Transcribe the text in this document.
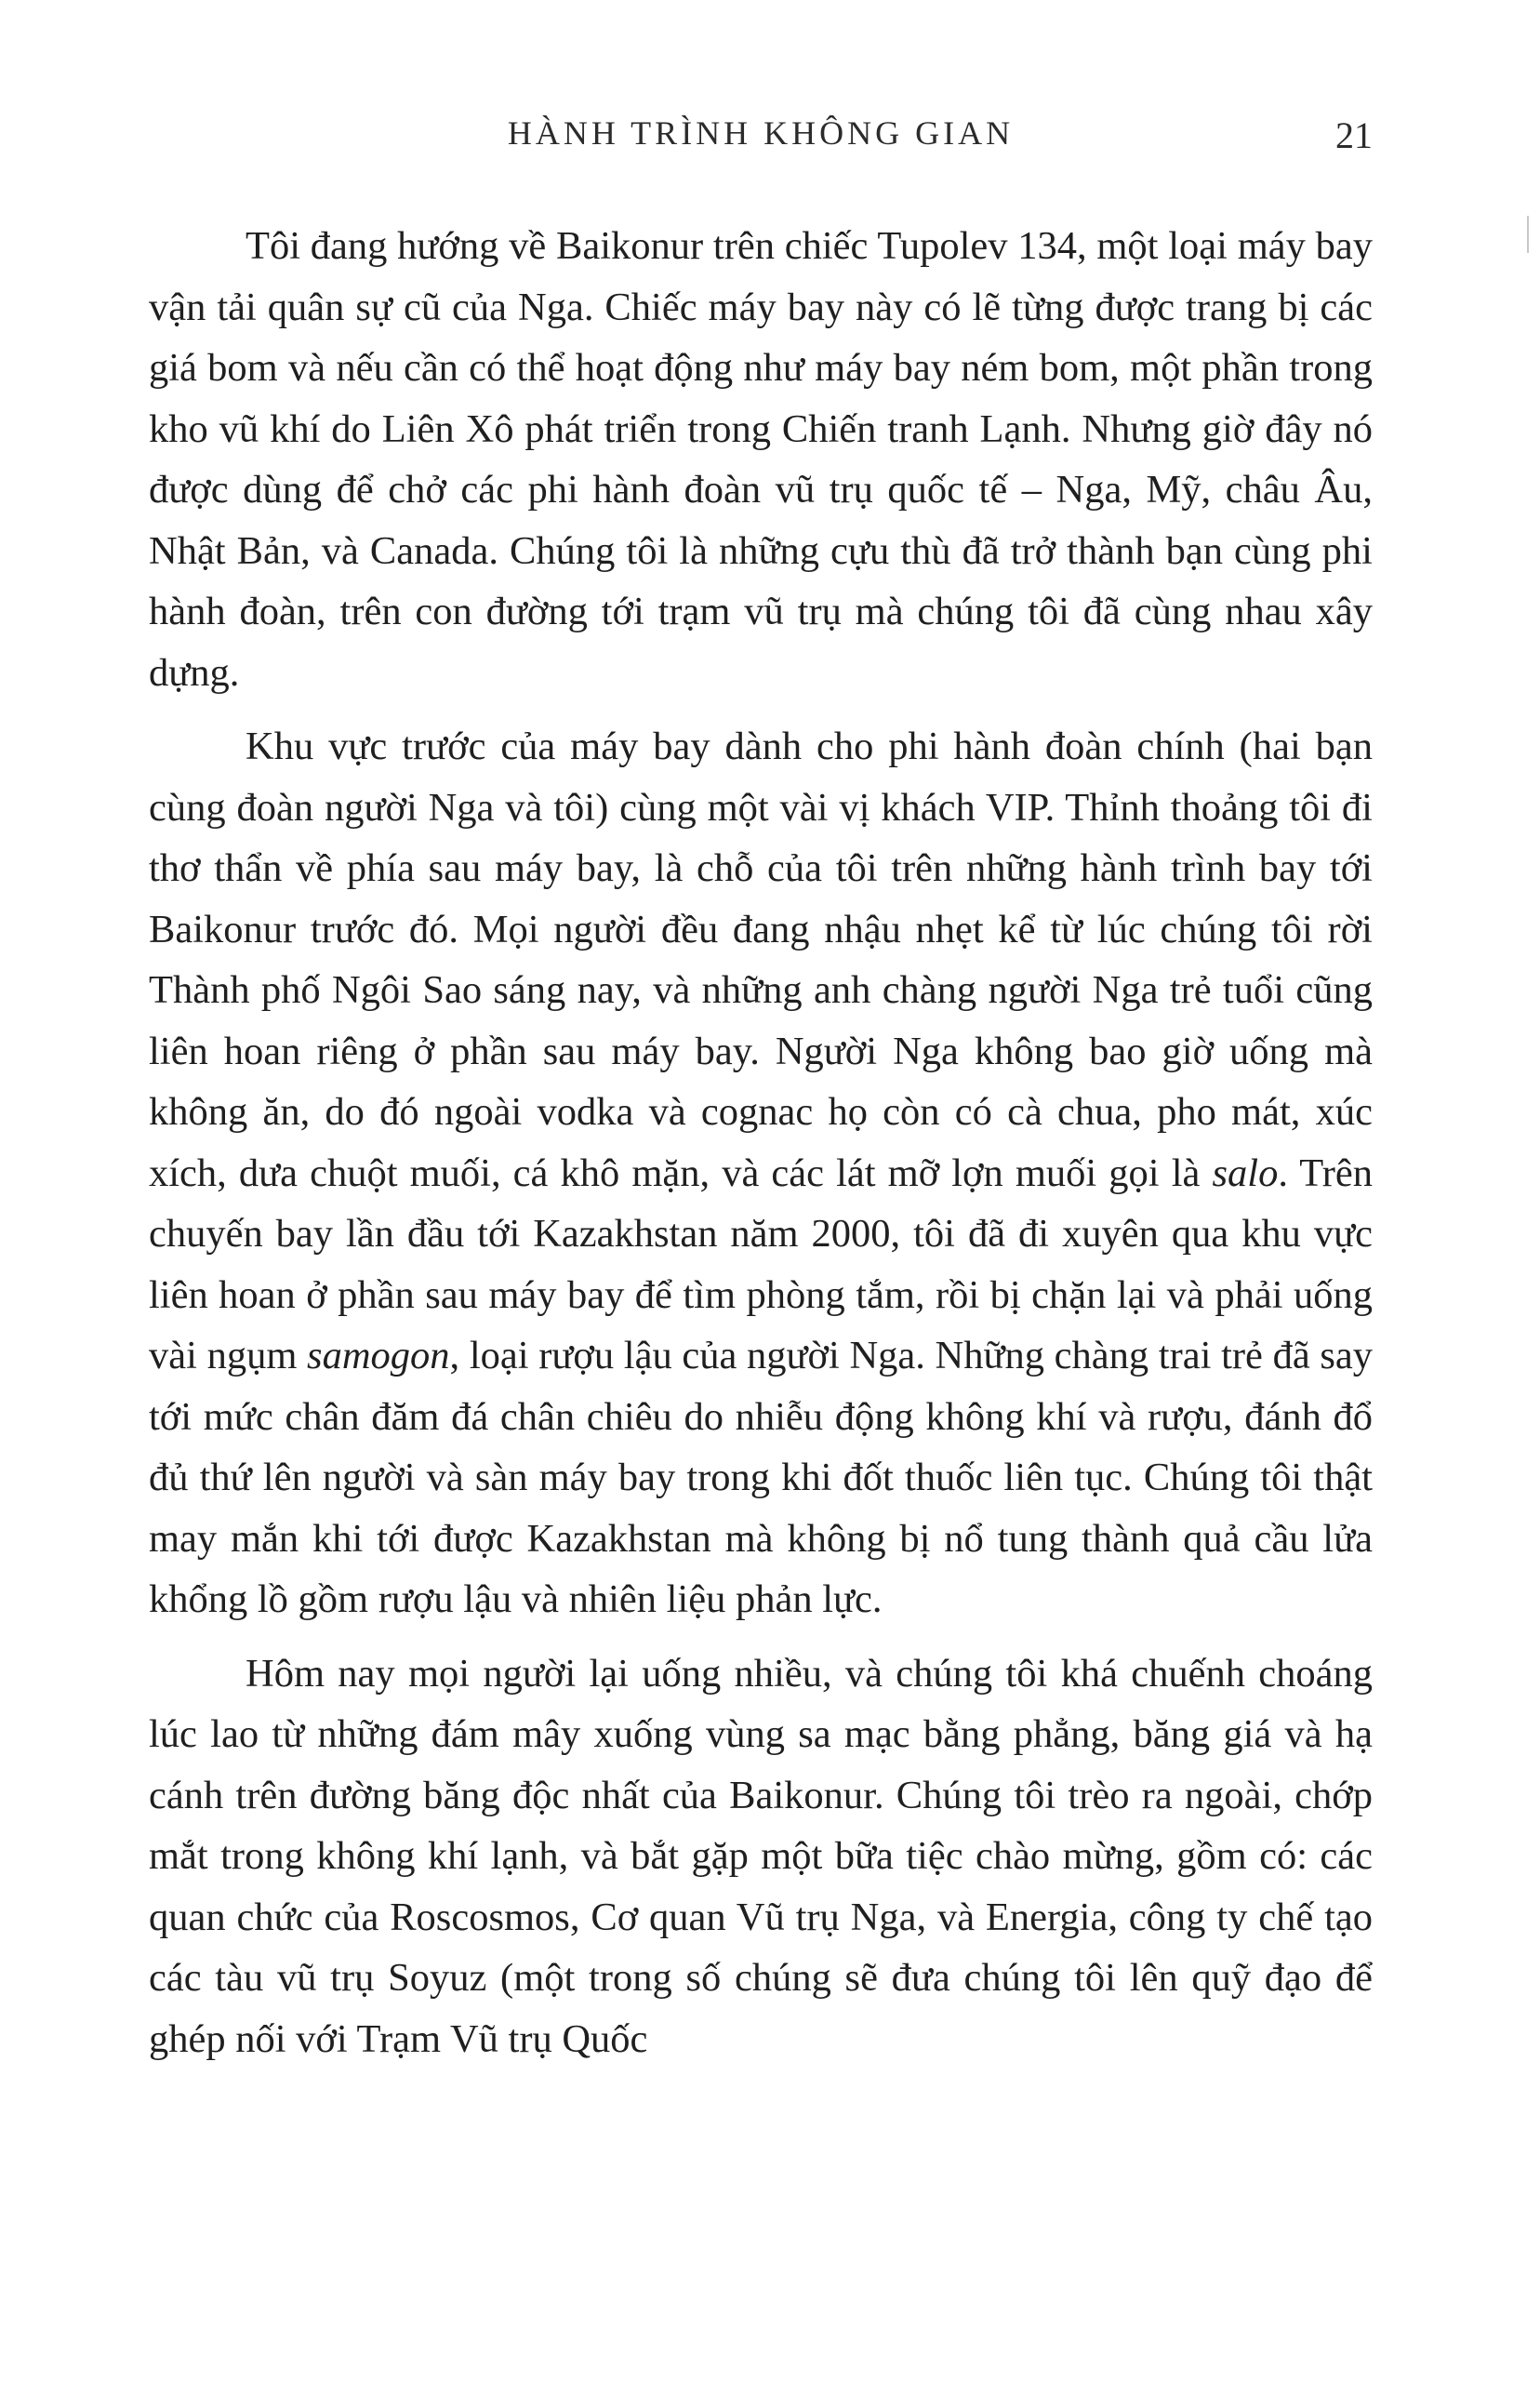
HÀNH TRÌNH KHÔNG GIAN	21

Tôi đang hướng về Baikonur trên chiếc Tupolev 134, một loại máy bay vận tải quân sự cũ của Nga. Chiếc máy bay này có lẽ từng được trang bị các giá bom và nếu cần có thể hoạt động như máy bay ném bom, một phần trong kho vũ khí do Liên Xô phát triển trong Chiến tranh Lạnh. Nhưng giờ đây nó được dùng để chở các phi hành đoàn vũ trụ quốc tế – Nga, Mỹ, châu Âu, Nhật Bản, và Canada. Chúng tôi là những cựu thù đã trở thành bạn cùng phi hành đoàn, trên con đường tới trạm vũ trụ mà chúng tôi đã cùng nhau xây dựng.

Khu vực trước của máy bay dành cho phi hành đoàn chính (hai bạn cùng đoàn người Nga và tôi) cùng một vài vị khách VIP. Thỉnh thoảng tôi đi thơ thẩn về phía sau máy bay, là chỗ của tôi trên những hành trình bay tới Baikonur trước đó. Mọi người đều đang nhậu nhẹt kể từ lúc chúng tôi rời Thành phố Ngôi Sao sáng nay, và những anh chàng người Nga trẻ tuổi cũng liên hoan riêng ở phần sau máy bay. Người Nga không bao giờ uống mà không ăn, do đó ngoài vodka và cognac họ còn có cà chua, pho mát, xúc xích, dưa chuột muối, cá khô mặn, và các lát mỡ lợn muối gọi là salo. Trên chuyến bay lần đầu tới Kazakhstan năm 2000, tôi đã đi xuyên qua khu vực liên hoan ở phần sau máy bay để tìm phòng tắm, rồi bị chặn lại và phải uống vài ngụm samogon, loại rượu lậu của người Nga. Những chàng trai trẻ đã say tới mức chân đăm đá chân chiêu do nhiễu động không khí và rượu, đánh đổ đủ thứ lên người và sàn máy bay trong khi đốt thuốc liên tục. Chúng tôi thật may mắn khi tới được Kazakhstan mà không bị nổ tung thành quả cầu lửa khổng lồ gồm rượu lậu và nhiên liệu phản lực.

Hôm nay mọi người lại uống nhiều, và chúng tôi khá chuếnh choáng lúc lao từ những đám mây xuống vùng sa mạc bằng phẳng, băng giá và hạ cánh trên đường băng độc nhất của Baikonur. Chúng tôi trèo ra ngoài, chớp mắt trong không khí lạnh, và bắt gặp một bữa tiệc chào mừng, gồm có: các quan chức của Roscosmos, Cơ quan Vũ trụ Nga, và Energia, công ty chế tạo các tàu vũ trụ Soyuz (một trong số chúng sẽ đưa chúng tôi lên quỹ đạo để ghép nối với Trạm Vũ trụ Quốc
